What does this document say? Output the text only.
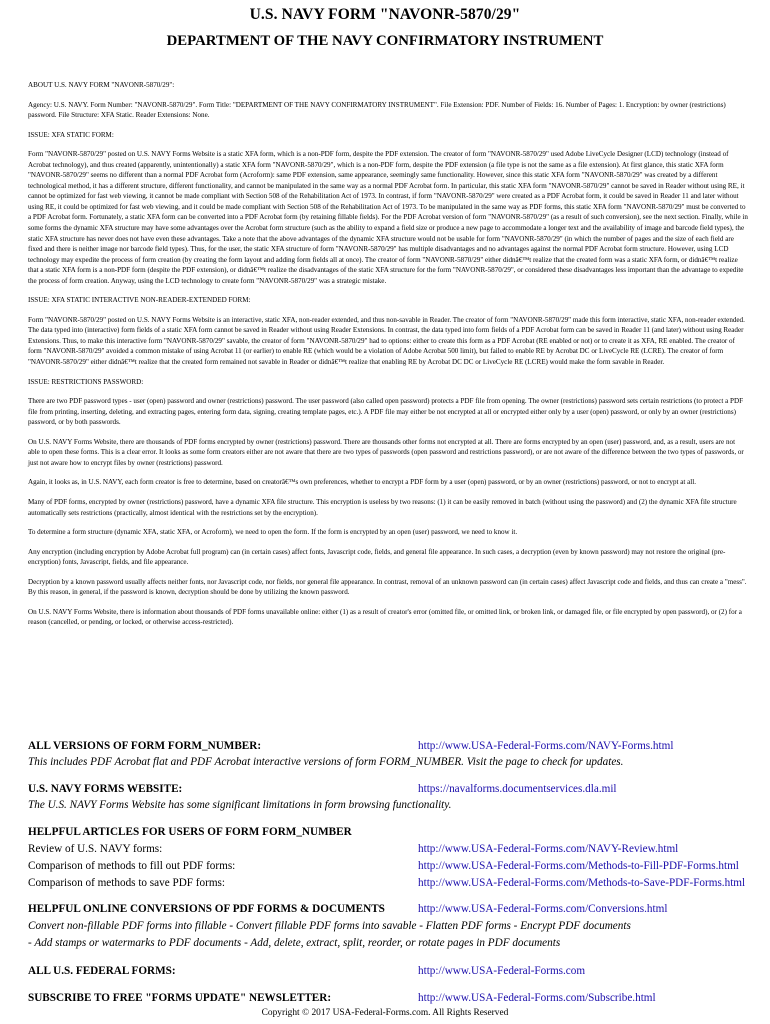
U.S. NAVY FORM "NAVONR-5870/29"
DEPARTMENT OF THE NAVY CONFIRMATORY INSTRUMENT

ABOUT U.S. NAVY FORM "NAVONR-5870/29":

Agency: U.S. NAVY. Form Number: "NAVONR-5870/29". Form Title: "DEPARTMENT OF THE NAVY CONFIRMATORY INSTRUMENT". File Extension: PDF. Number of Fields: 16. Number of Pages: 1. Encryption: by owner (restrictions) password. File Structure: XFA Static. Reader Extensions: None.

ISSUE: XFA STATIC FORM:

Form "NAVONR-5870/29" posted on U.S. NAVY Forms Website is a static XFA form, which is a non-PDF form, despite the PDF extension. The creator of form "NAVONR-5870/29" used Adobe LiveCycle Designer (LCD) technology (instead of Acrobat technology), and thus created (apparently, unintentionally) a static XFA form "NAVONR-5870/29", which is a non-PDF form, despite the PDF extension (a file type is not the same as a file extension). At first glance, this static XFA form "NAVONR-5870/29" seems no different than a normal PDF Acrobat form (Acroform): same PDF extension, same appearance, seemingly same functionality. However, since this static XFA form "NAVONR-5870/29" was created by a different technological method, it has a different structure, different functionality, and cannot be manipulated in the same way as a normal PDF Acrobat form. In particular, this static XFA form "NAVONR-5870/29" cannot be saved in Reader without using RE, it cannot be optimized for fast web viewing, it cannot be made compliant with Section 508 of the Rehabilitation Act of 1973. In contrast, if form "NAVONR-5870/29" were created as a PDF Acrobat form, it could be saved in Reader 11 and later without using RE, it could be optimized for fast web viewing, and it could be made compliant with Section 508 of the Rehabilitation Act of 1973. To be manipulated in the same way as PDF forms, this static XFA form "NAVONR-5870/29" must be converted to a PDF Acrobat form. Fortunately, a static XFA form can be converted into a PDF Acrobat form (by retaining fillable fields). For the PDF Acrobat version of form "NAVONR-5870/29" (as a result of such conversion), see the next section. Finally, while in some forms the dynamic XFA structure may have some advantages over the Acrobat form structure (such as the ability to expand a field size or produce a new page to accommodate a longer text and the availability of image and barcode field types), the static XFA structure has never does not have even these advantages. Take a note that the above advantages of the dynamic XFA structure would not be usable for form "NAVONR-5870/29" (in which the number of pages and the size of each field are fixed and there is neither image nor barcode field types). Thus, for the user, the static XFA structure of form "NAVONR-5870/29" has multiple disadvantages and no advantages against the normal PDF Acrobat form structure. However, using LCD technology may expedite the process of form creation (by creating the form layout and adding form fields all at once). The creator of form "NAVONR-5870/29" either didnâ€™t realize that the created form was a static XFA form, or didnâ€™t realize that a static XFA form is a non-PDF form (despite the PDF extension), or didnâ€™t realize the disadvantages of the static XFA structure for the form "NAVONR-5870/29", or considered these disadvantages less important than the advantage to expedite the process of form creation. Anyway, using the LCD technology to create form "NAVONR-5870/29" was a strategic mistake.

ISSUE: XFA STATIC INTERACTIVE NON-READER-EXTENDED FORM:

Form "NAVONR-5870/29" posted on U.S. NAVY Forms Website is an interactive, static XFA, non-reader extended, and thus non-savable in Reader. The creator of form "NAVONR-5870/29" made this form interactive, static XFA, non-reader extended. The data typed into (interactive) form fields of a static XFA form cannot be saved in Reader without using Reader Extensions. In contrast, the data typed into form fields of a PDF Acrobat form can be saved in Reader 11 (and later) without using Reader Extensions. Thus, to make this interactive form "NAVONR-5870/29" savable, the creator of form "NAVONR-5870/29" had to options: either to create this form as a PDF Acrobat (RE enabled or not) or to create it as XFA, RE enabled. The creator of form "NAVONR-5870/29" avoided a common mistake of using Acrobat 11 (or earlier) to enable RE (which would be a violation of Adobe Acrobat 500 limit), but failed to enable RE by Acrobat DC or LiveCycle RE (LCRE). The creator of form "NAVONR-5870/29" either didnâ€™t realize that the created form remained not savable in Reader or didnâ€™t realize that enabling RE by Acrobat DC DC or LiveCycle RE (LCRE) would make the form savable in Reader.

ISSUE: RESTRICTIONS PASSWORD:

There are two PDF password types - user (open) password and owner (restrictions) password. The user password (also called open password) protects a PDF file from opening. The owner (restrictions) password sets certain restrictions (to protect a PDF file from printing, inserting, deleting, and extracting pages, entering form data, signing, creating template pages, etc.). A PDF file may either be not encrypted at all or encrypted either only by a user (open) password, or only by an owner (restrictions) password, or by both passwords.

On U.S. NAVY Forms Website, there are thousands of PDF forms encrypted by owner (restrictions) password. There are thousands other forms not encrypted at all. There are forms encrypted by an open (user) password, and, as a result, users are not able to open these forms. This is a clear error. It looks as some form creators either are not aware that there are two types of passwords (open password and restrictions password), or are not aware of the difference between the two types of passwords, or just not aware how to encrypt files by owner (restrictions) password.

Again, it looks as, in U.S. NAVY, each form creator is free to determine, based on creatorâ€™s own preferences, whether to encrypt a PDF form by a user (open) password, or by an owner (restrictions) password, or not to encrypt at all.

Many of PDF forms, encrypted by owner (restrictions) password, have a dynamic XFA file structure. This encryption is useless by two reasons: (1) it can be easily removed in batch (without using the password) and (2) the dynamic XFA file structure automatically sets restrictions (practically, almost identical with the restrictions set by the encryption).

To determine a form structure (dynamic XFA, static XFA, or Acroform), we need to open the form. If the form is encrypted by an open (user) password, we need to know it.

Any encryption (including encryption by Adobe Acrobat full program) can (in certain cases) affect fonts, Javascript code, fields, and general file appearance. In such cases, a decryption (even by known password) may not restore the original (pre-encryption) fonts, Javascript, fields, and file appearance.

Decryption by a known password usually affects neither fonts, nor Javascript code, nor fields, nor general file appearance. In contrast, removal of an unknown password can (in certain cases) affect Javascript code and fields, and thus can create a "mess". By this reason, in general, if the password is known, decryption should be done by utilizing the known password.

On U.S. NAVY Forms Website, there is information about thousands of PDF forms unavailable online: either (1) as a result of creator's error (omitted file, or omitted link, or broken link, or damaged file, or file encrypted by open password), or (2) for a reason (cancelled, or pending, or locked, or otherwise access-restricted).

ALL VERSIONS OF FORM FORM_NUMBER:	http://www.USA-Federal-Forms.com/NAVY-Forms.html
This includes PDF Acrobat flat and PDF Acrobat interactive versions of form FORM_NUMBER. Visit the page to check for updates.
U.S. NAVY FORMS WEBSITE:	https://navalforms.documentservices.dla.mil
The U.S. NAVY Forms Website has some significant limitations in form browsing functionality.
HELPFUL ARTICLES FOR USERS OF FORM FORM_NUMBER
Review of U.S. NAVY forms:	http://www.USA-Federal-Forms.com/NAVY-Review.html
Comparison of methods to fill out PDF forms:	http://www.USA-Federal-Forms.com/Methods-to-Fill-PDF-Forms.html
Comparison of methods to save PDF forms:	http://www.USA-Federal-Forms.com/Methods-to-Save-PDF-Forms.html
HELPFUL ONLINE CONVERSIONS OF PDF FORMS & DOCUMENTS	http://www.USA-Federal-Forms.com/Conversions.html
Convert non-fillable PDF forms into fillable - Convert fillable PDF forms into savable - Flatten PDF forms - Encrypt PDF documents
- Add stamps or watermarks to PDF documents - Add, delete, extract, split, reorder, or rotate pages in PDF documents
ALL U.S. FEDERAL FORMS:	http://www.USA-Federal-Forms.com
SUBSCRIBE TO FREE "FORMS UPDATE" NEWSLETTER:	http://www.USA-Federal-Forms.com/Subscribe.html
Copyright © 2017 USA-Federal-Forms.com. All Rights Reserved
